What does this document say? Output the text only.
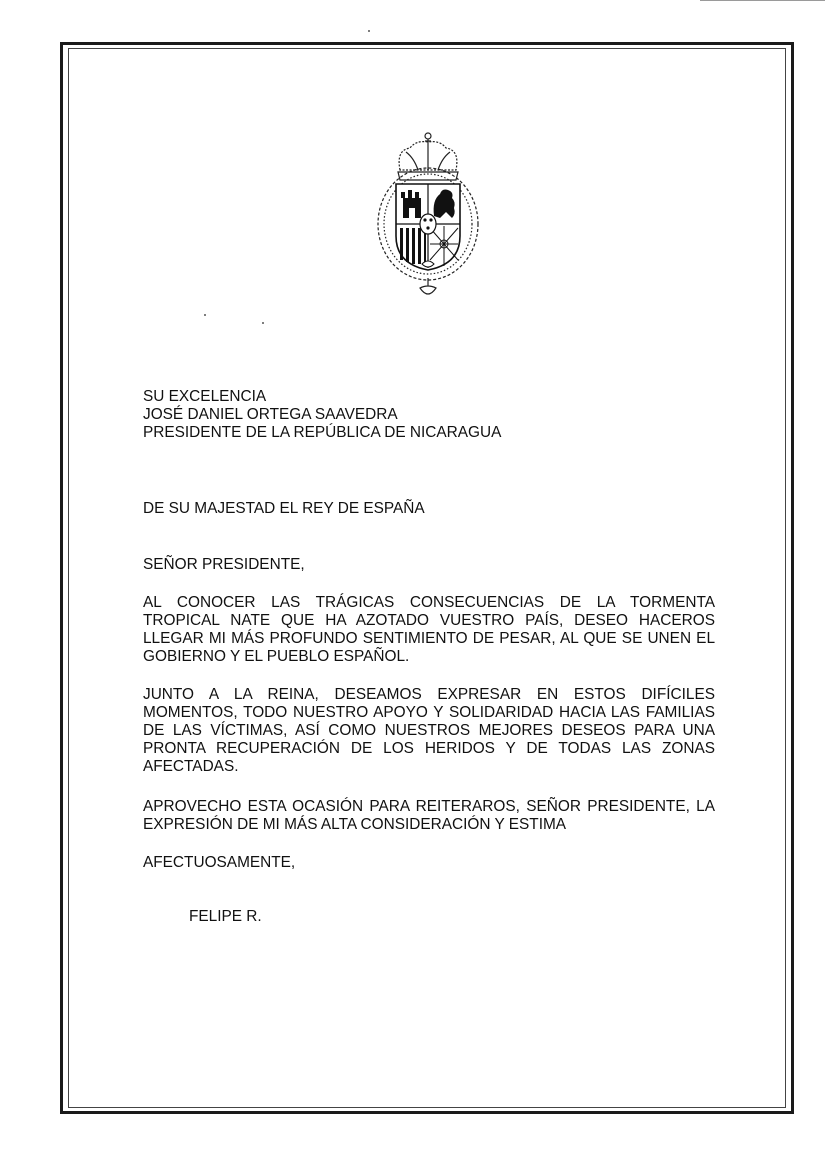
SU EXCELENCIA
JOSÉ DANIEL ORTEGA SAAVEDRA
PRESIDENTE DE LA REPÚBLICA DE NICARAGUA

DE SU MAJESTAD EL REY DE ESPAÑA

SEÑOR PRESIDENTE,

AL CONOCER LAS TRÁGICAS CONSECUENCIAS DE LA TORMENTA TROPICAL NATE QUE HA AZOTADO VUESTRO PAÍS, DESEO HACEROS LLEGAR MI MÁS PROFUNDO SENTIMIENTO DE PESAR, AL QUE SE UNEN EL GOBIERNO Y EL PUEBLO ESPAÑOL.

JUNTO A LA REINA, DESEAMOS EXPRESAR EN ESTOS DIFÍCILES MOMENTOS, TODO NUESTRO APOYO Y SOLIDARIDAD HACIA LAS FAMILIAS DE LAS VÍCTIMAS, ASÍ COMO NUESTROS MEJORES DESEOS PARA UNA PRONTA RECUPERACIÓN DE LOS HERIDOS Y DE TODAS LAS ZONAS AFECTADAS.

APROVECHO ESTA OCASIÓN PARA REITERAROS, SEÑOR PRESIDENTE, LA EXPRESIÓN DE MI MÁS ALTA CONSIDERACIÓN Y ESTIMA

AFECTUOSAMENTE,

FELIPE R.
